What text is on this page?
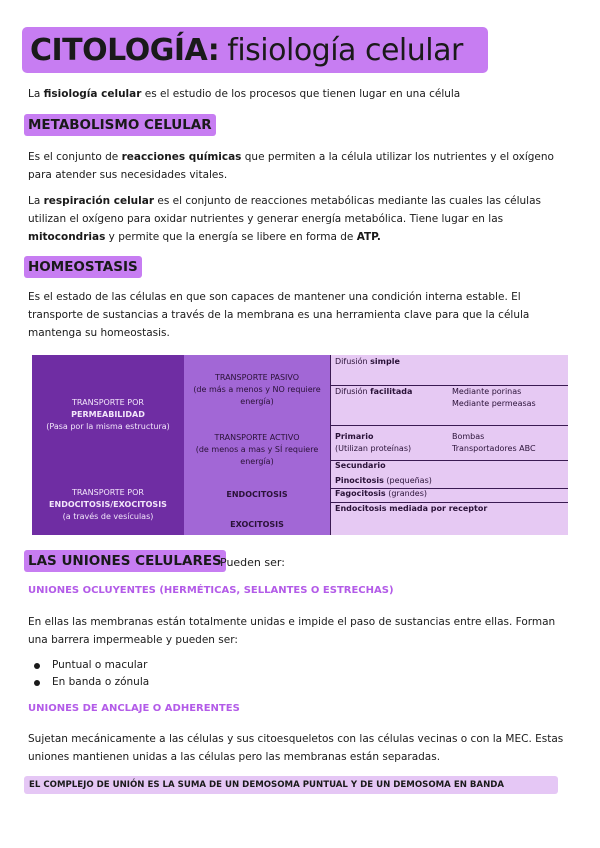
CITOLOGÍA: fisiología celular
La fisiología celular es el estudio de los procesos que tienen lugar en una célula
METABOLISMO CELULAR
Es el conjunto de reacciones químicas que permiten a la célula utilizar los nutrientes y el oxígeno para atender sus necesidades vitales.
La respiración celular es el conjunto de reacciones metabólicas mediante las cuales las células utilizan el oxígeno para oxidar nutrientes y generar energía metabólica. Tiene lugar en las mitocondrias y permite que la energía se libere en forma de ATP.
HOMEOSTASIS
Es el estado de las células en que son capaces de mantener una condición interna estable. El transporte de sustancias a través de la membrana es una herramienta clave para que la célula mantenga su homeostasis.
TRANSPORTE POR
PERMEABILIDAD
(Pasa por la misma estructura)
TRANSPORTE POR
ENDOCITOSIS/EXOCITOSIS
(a través de vesículas)
TRANSPORTE PASIVO
(de más a menos y NO requiere energía)
TRANSPORTE ACTIVO
(de menos a mas y SÍ requiere energía)
ENDOCITOSIS
EXOCITOSIS
Difusión simple
Difusión facilitada	Mediante porinas
Mediante permeasas
Primario
(Utilizan proteínas)
Bombas
Transportadores ABC
Secundario
Pinocitosis (pequeñas)
Fagocitosis (grandes)
Endocitosis mediada por receptor
LAS UNIONES CELULARES
Pueden ser:
UNIONES OCLUYENTES (HERMÉTICAS, SELLANTES O ESTRECHAS)
En ellas las membranas están totalmente unidas e impide el paso de sustancias entre ellas. Forman una barrera impermeable y pueden ser:
Puntual o macular
En banda o zónula
UNIONES DE ANCLAJE O ADHERENTES
Sujetan mecánicamente a las células y sus citoesqueletos con las células vecinas o con la MEC. Estas uniones mantienen unidas a las células pero las membranas están separadas.
EL COMPLEJO DE UNIÓN ES LA SUMA DE UN DEMOSOMA PUNTUAL Y DE UN DEMOSOMA EN BANDA
